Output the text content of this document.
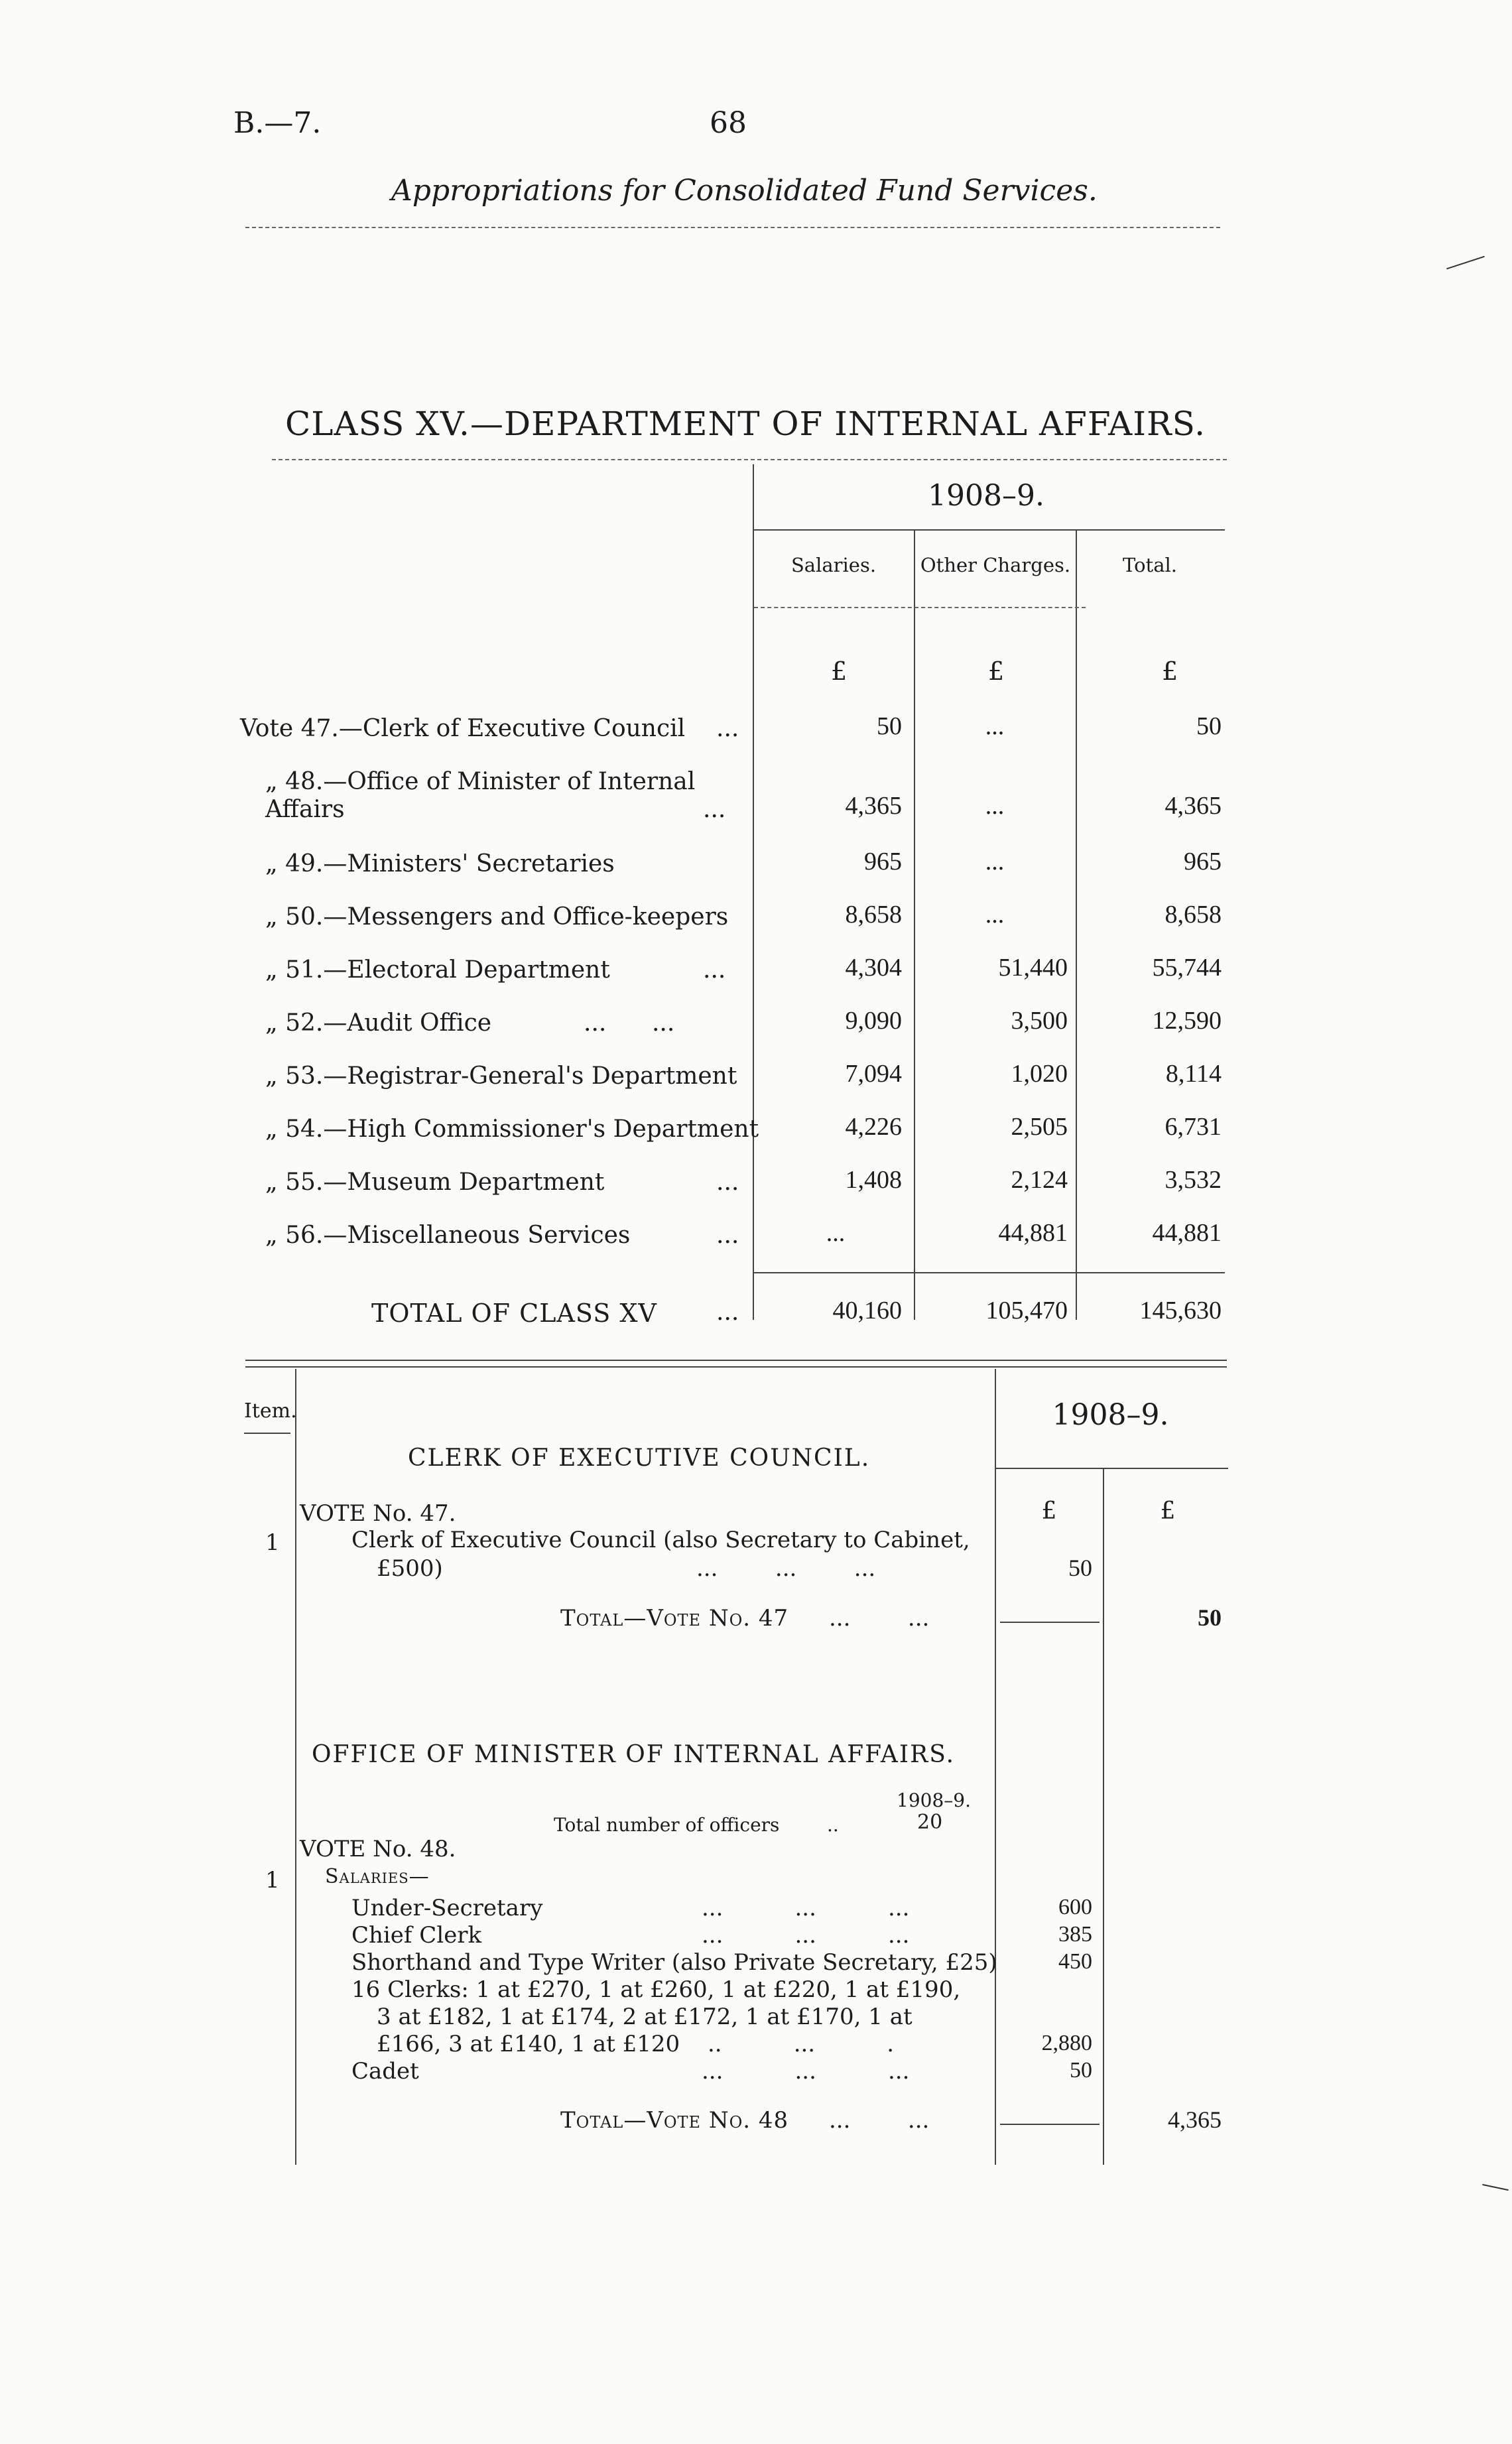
B.—7.	68
Appropriations for Consolidated Fund Services.
CLASS XV.—DEPARTMENT OF INTERNAL AFFAIRS.
1908–9.
Salaries.	Other Charges.	Total.
£	£	£
Vote 47.—Clerk of Executive Council ...	50	...	50
„ 48.—Office of Minister of Internal Affairs	...	4,365	...	4,365
„ 49.—Ministers' Secretaries	965	...	965
„ 50.—Messengers and Office-keepers	8,658	...	8,658
„ 51.—Electoral Department	...	4,304	51,440	55,744
„ 52.—Audit Office	...      ...	9,090	3,500	12,590
„ 53.—Registrar-General's Department	7,094	1,020	8,114
„ 54.—High Commissioner's Department	4,226	2,505	6,731
„ 55.—Museum Department	...	1,408	2,124	3,532
„ 56.—Miscellaneous Services	...	...	44,881	44,881
TOTAL OF CLASS XV ...	40,160	105,470	145,630
Item.	1908–9.
CLERK OF EXECUTIVE COUNCIL.
VOTE No. 47.	£	£
1	Clerk of Executive Council (also Secretary to Cabinet,
£500)	...        ...        ...	50
Total—Vote No. 47 ...        ...	50
OFFICE OF MINISTER OF INTERNAL AFFAIRS.
1908–9.
Total number of officers	..	20
VOTE No. 48.
1 Salaries—
Under-Secretary	...          ...          ...	600
Chief Clerk	...          ...          ...	385
Shorthand and Type Writer (also Private Secretary, £25)	450
16 Clerks: 1 at £270, 1 at £260, 1 at £220, 1 at £190,
3 at £182, 1 at £174, 2 at £172, 1 at £170, 1 at
£166, 3 at £140, 1 at £120 ..          ...          .	2,880
Cadet	...          ...          ...	50
Total—Vote No. 48 ...        ...	4,365
